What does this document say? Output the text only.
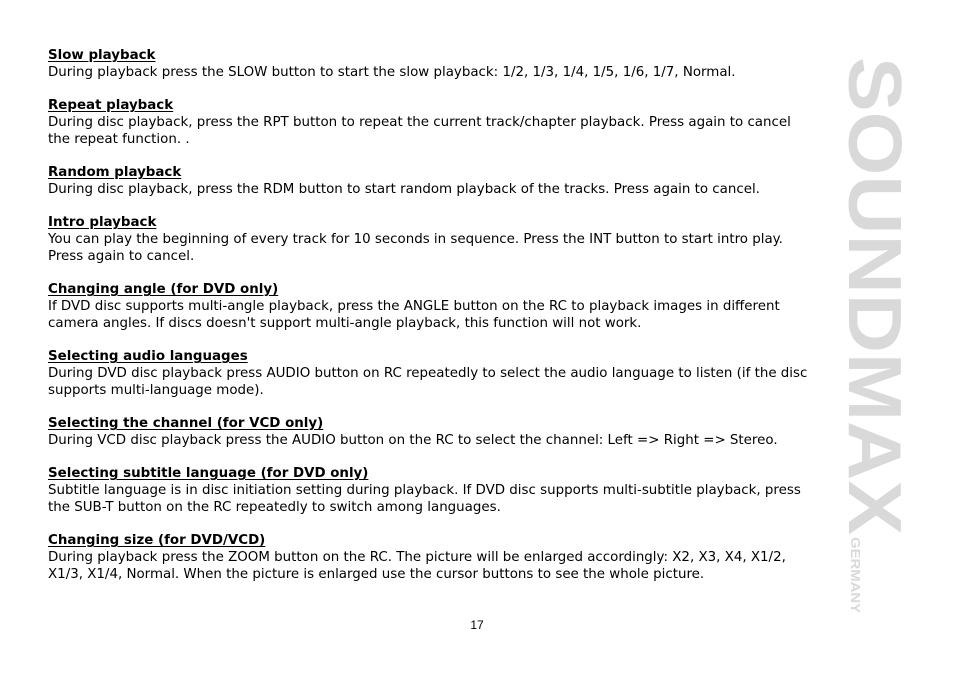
Slow playback
During playback press the SLOW button to start the slow playback: 1/2, 1/3, 1/4, 1/5, 1/6, 1/7, Normal.
Repeat playback
During disc playback, press the RPT button to repeat the current track/chapter playback. Press again to cancel the repeat function. .
Random playback
During disc playback, press the RDM button to start random playback of the tracks. Press again to cancel.
Intro playback
You can play the beginning of every track for 10 seconds in sequence. Press the INT button to start intro play. Press again to cancel.
Changing angle (for DVD only)
If DVD disc supports multi-angle playback, press the ANGLE button on the RC to playback images in different camera angles. If discs doesn't support multi-angle playback, this function will not work.
Selecting audio languages
During DVD disc playback press AUDIO button on RC repeatedly to select the audio language to listen (if the disc supports multi-language mode).
Selecting the channel (for VCD only)
During VCD disc playback press the AUDIO button on the RC to select the channel: Left => Right => Stereo.
Selecting subtitle language (for DVD only)
Subtitle language is in disc initiation setting during playback. If DVD disc supports multi-subtitle playback, press the SUB-T button on the RC repeatedly to switch among languages.
Changing size (for DVD/VCD)
During playback press the ZOOM button on the RC. The picture will be enlarged accordingly: X2, X3, X4, X1/2, X1/3, X1/4, Normal. When the picture is enlarged use the cursor buttons to see the whole picture.
SOUNDMAX
GERMANY
17
